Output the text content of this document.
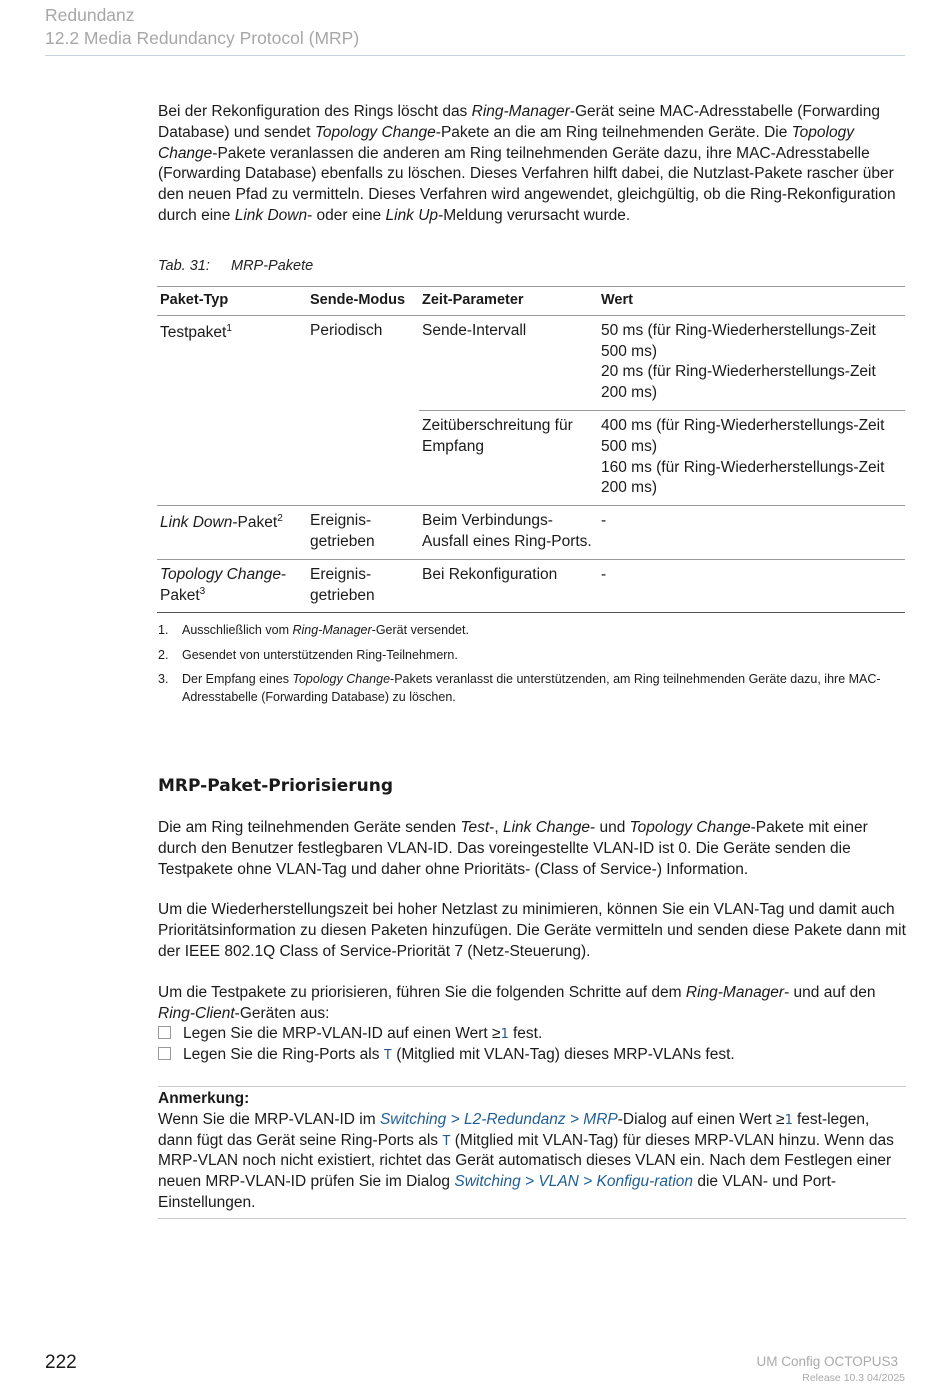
Redundanz
12.2 Media Redundancy Protocol (MRP)

Bei der Rekonfiguration des Rings löscht das Ring-Manager-Gerät seine MAC-Adresstabelle (Forwarding Database) und sendet Topology Change-Pakete an die am Ring teilnehmenden Geräte. Die Topology Change-Pakete veranlassen die anderen am Ring teilnehmenden Geräte dazu, ihre MAC-Adresstabelle (Forwarding Database) ebenfalls zu löschen. Dieses Verfahren hilft dabei, die Nutzlast-Pakete rascher über den neuen Pfad zu vermitteln. Dieses Verfahren wird angewendet, gleichgültig, ob die Ring-Rekonfiguration durch eine Link Down- oder eine Link Up-Meldung verursacht wurde.

Tab. 31: MRP-Pakete
Paket-Typ	Sende-Modus	Zeit-Parameter	Wert
Testpaket$^1$	Periodisch	Sende-Intervall	50 ms (für Ring-Wiederherstellungs-Zeit 500 ms)
20 ms (für Ring-Wiederherstellungs-Zeit 200 ms)

		Zeitüberschreitung für Empfang	400 ms (für Ring-Wiederherstellungs-Zeit 500 ms)
160 ms (für Ring-Wiederherstellungs-Zeit 200 ms)

Link Down-Paket$^2$	Ereignis-getrieben	Beim Verbindungs-Ausfall eines Ring-Ports.	-
Topology Change-Paket$^3$	Ereignis-getrieben	Bei Rekonfiguration	-
1. Ausschließlich vom Ring-Manager-Gerät versendet.
2. Gesendet von unterstützenden Ring-Teilnehmern.
3. Der Empfang eines Topology Change-Pakets veranlasst die unterstützenden, am Ring teilnehmenden Geräte dazu, ihre MAC-Adresstabelle (Forwarding Database) zu löschen.
MRP-Paket-Priorisierung

Die am Ring teilnehmenden Geräte senden Test-, Link Change- und Topology Change-Pakete mit einer durch den Benutzer festlegbaren VLAN-ID. Das voreingestellte VLAN-ID ist 0. Die Geräte senden die Testpakete ohne VLAN-Tag und daher ohne Prioritäts- (Class of Service-) Information.

Um die Wiederherstellungszeit bei hoher Netzlast zu minimieren, können Sie ein VLAN-Tag und damit auch Prioritätsinformation zu diesen Paketen hinzufügen. Die Geräte vermitteln und senden diese Pakete dann mit der IEEE 802.1Q Class of Service-Priorität 7 (Netz-Steuerung).

Um die Testpakete zu priorisieren, führen Sie die folgenden Schritte auf dem Ring-Manager- und auf den Ring-Client-Geräten aus:

Legen Sie die MRP-VLAN-ID auf einen Wert ≥1 fest.
Legen Sie die Ring-Ports als T (Mitglied mit VLAN-Tag) dieses MRP-VLANs fest.
Anmerkung:

Wenn Sie die MRP-VLAN-ID im Switching > L2-Redundanz > MRP-Dialog auf einen Wert ≥1 fest-legen, dann fügt das Gerät seine Ring-Ports als T (Mitglied mit VLAN-Tag) für dieses MRP-VLAN hinzu. Wenn das MRP-VLAN noch nicht existiert, richtet das Gerät automatisch dieses VLAN ein. Nach dem Festlegen einer neuen MRP-VLAN-ID prüfen Sie im Dialog Switching > VLAN > Konfigu-ration die VLAN- und Port-Einstellungen.

222	UM Config OCTOPUS3
Release 10.3 04/2025
